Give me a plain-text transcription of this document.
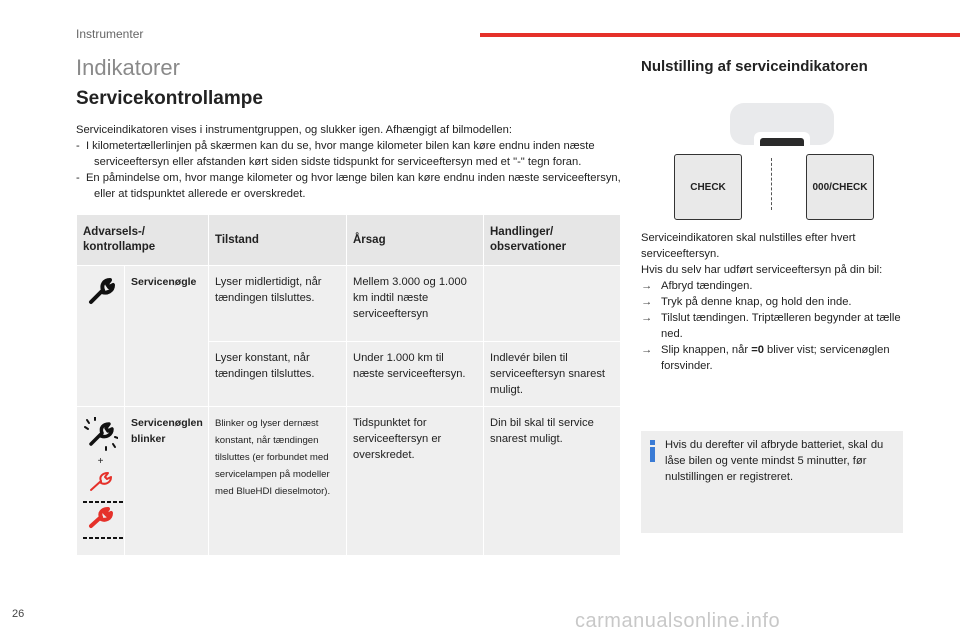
Instrumenter
Indikatorer
Servicekontrollampe

Serviceindikatoren vises i instrumentgruppen, og slukker igen. Afhængigt af bilmodellen:

-  I kilometertællerlinjen på skærmen kan du se, hvor mange kilometer bilen kan køre endnu inden næste serviceeftersyn eller afstanden kørt siden sidste tidspunkt for serviceeftersyn med et "-" tegn foran.

-  En påmindelse om, hvor mange kilometer og hvor længe bilen kan køre endnu inden næste serviceeftersyn, eller at tidspunktet allerede er overskredet.

Advarsels-/ kontrollampe		Tilstand	Årsag	Handlinger/ observationer

	Servicenøgle	Lyser midlertidigt, når tændingen tilsluttes.	Mellem 3.000 og 1.000 km indtil næste serviceeftersyn	
		Lyser konstant, når tændingen tilsluttes.	Under 1.000 km til næste serviceeftersyn.	Indlevér bilen til serviceeftersyn snarest muligt.

+	Servicenøglen blinker	Blinker og lyser dernæst konstant, når tændingen tilsluttes (er forbundet med servicelampen på modeller med BlueHDI dieselmotor).	Tidspunktet for serviceeftersyn er overskredet.	Din bil skal til service snarest muligt.
Nulstilling af serviceindikatoren
CHECK	000/CHECK

Serviceindikatoren skal nulstilles efter hvert serviceeftersyn.

Hvis du selv har udført serviceeftersyn på din bil:

→ Afbryd tændingen.

→ Tryk på denne knap, og hold den inde.

→ Tilslut tændingen. Triptælleren begynder at tælle ned.

→ Slip knappen, når =0 bliver vist; servicenøglen forsvinder.

Hvis du derefter vil afbryde batteriet, skal du låse bilen og vente mindst 5 minutter, før nulstillingen er registreret.
26	carmanualsonline.info
